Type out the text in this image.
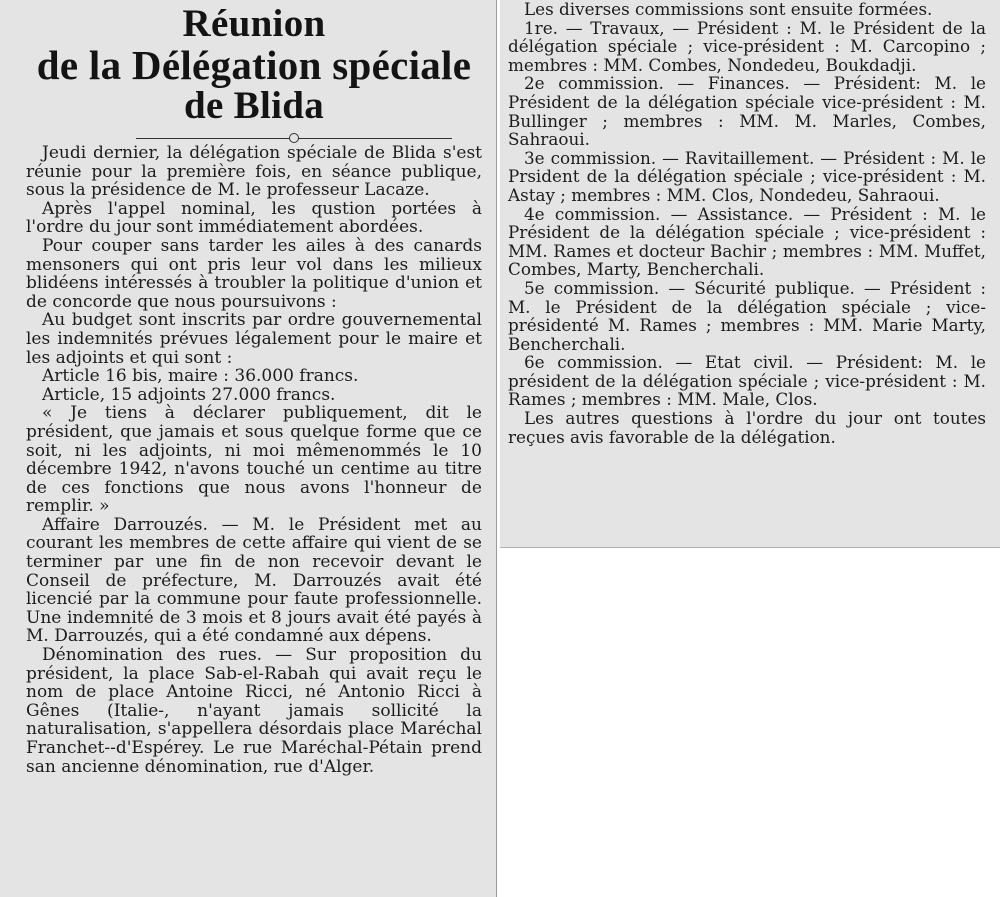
Réunion
de la Délégation spéciale
de Blida

Jeudi dernier, la délégation spéciale de Blida s'est réunie pour la première fois, en séance publique, sous la présidence de M. le professeur Lacaze.

Après l'appel nominal, les qustion portées à l'ordre du jour sont immédiatement abordées.

Pour couper sans tarder les ailes à des canards mensoners qui ont pris leur vol dans les milieux blidéens intéressés à troubler la politique d'union et de concorde que nous poursuivons :

Au budget sont inscrits par ordre gouvernemental les indemnités prévues légalement pour le maire et les adjoints et qui sont :

Article 16 bis, maire : 36.000 francs.

Article, 15 adjoints 27.000 francs.

« Je tiens à déclarer publiquement, dit le président, que jamais et sous quelque forme que ce soit, ni les adjoints, ni moi mêmenommés le 10 décembre 1942, n'avons touché un centime au titre de ces fonctions que nous avons l'honneur de remplir. »

Affaire Darrouzés. — M. le Président met au courant les membres de cette affaire qui vient de se terminer par une fin de non recevoir devant le Conseil de préfecture, M. Darrouzés avait été licencié par la commune pour faute professionnelle. Une indemnité de 3 mois et 8 jours avait été payés à M. Darrouzés, qui a été condamné aux dépens.

Dénomination des rues. — Sur proposition du président, la place Sab-el-Rabah qui avait reçu le nom de place Antoine Ricci, né Antonio Ricci à Gênes (Italie-, n'ayant jamais sollicité la naturalisation, s'appellera désordais place Maréchal Franchet--d'Espérey. Le rue Maréchal-Pétain prend san ancienne dénomination, rue d'Alger.

Les diverses commissions sont ensuite formées.

1re. — Travaux, — Président : M. le Président de la délégation spéciale ; vice-président : M. Carcopino ; membres : MM. Combes, Nondedeu, Boukdadji.

2e commission. — Finances. — Président: M. le Président de la délégation spéciale vice-président : M. Bullinger ; membres : MM. M. Marles, Combes, Sahraoui.

3e commission. — Ravitaillement. — Président : M. le Prsident de la délégation spéciale ; vice-président : M. Astay ; membres : MM. Clos, Nondedeu, Sahraoui.

4e commission. — Assistance. — Président : M. le Président de la délégation spéciale ; vice-président : MM. Rames et docteur Bachir ; membres : MM. Muffet, Combes, Marty, Bencherchali.

5e commission. — Sécurité publique. — Président : M. le Président de la délégation spéciale ; vice-présidenté M. Rames ; membres : MM. Marie Marty, Bencherchali.

6e commission. — Etat civil. — Président: M. le président de la délégation spéciale ; vice-président : M. Rames ; membres : MM. Male, Clos.

Les autres questions à l'ordre du jour ont toutes reçues avis favorable de la délégation.
